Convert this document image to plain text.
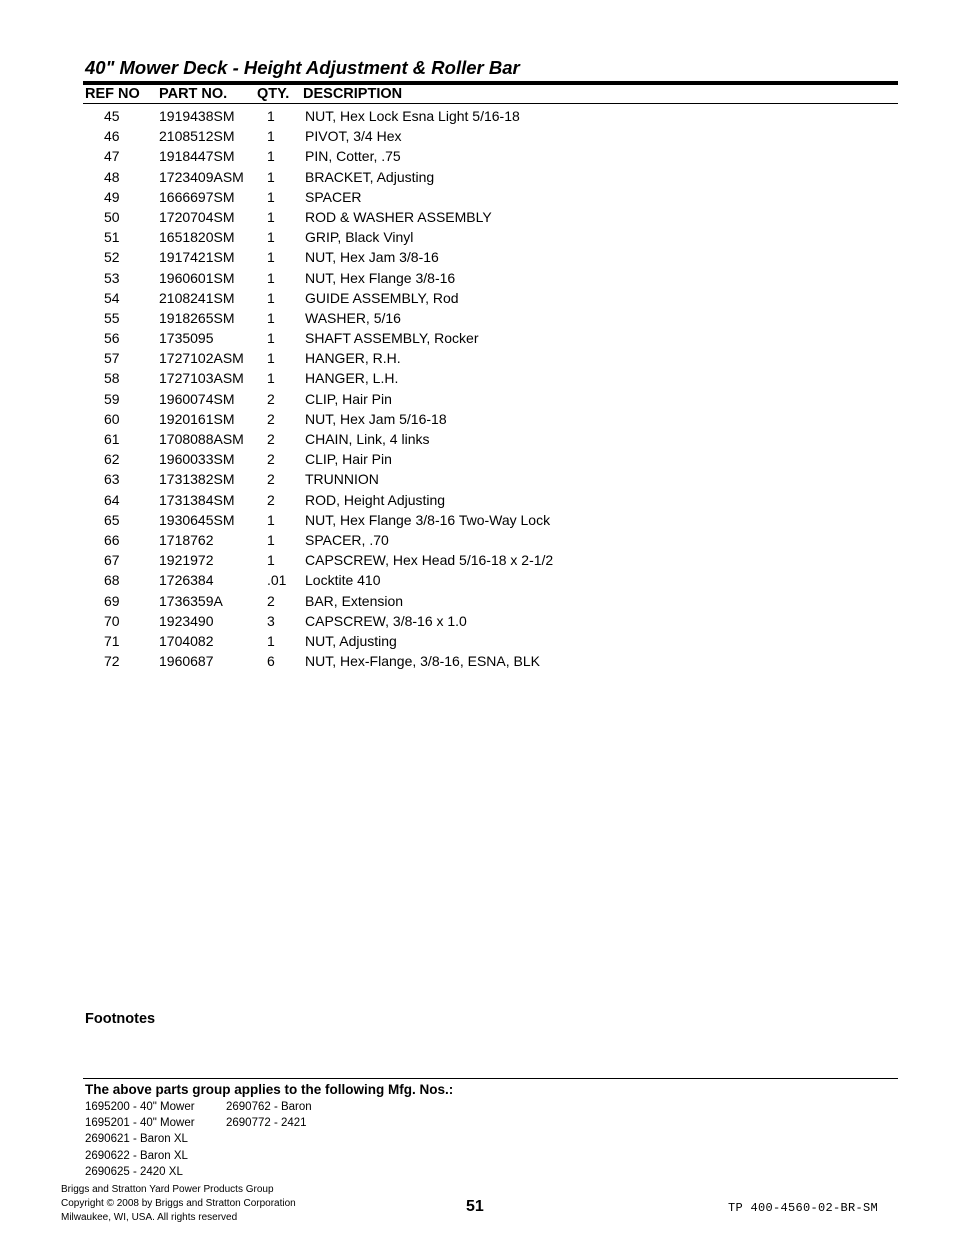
40" Mower Deck - Height Adjustment & Roller Bar
REF NO PART NO. QTY. DESCRIPTION
45	1919438SM 1 NUT, Hex Lock Esna Light 5/16-18
46	2108512SM 1 PIVOT, 3/4 Hex
47	1918447SM 1 PIN, Cotter, .75
48	1723409ASM 1 BRACKET, Adjusting
49	1666697SM 1 SPACER
50	1720704SM 1 ROD & WASHER ASSEMBLY
51	1651820SM 1 GRIP, Black Vinyl
52	1917421SM 1 NUT, Hex Jam 3/8-16
53	1960601SM 1 NUT, Hex Flange 3/8-16
54	2108241SM 1 GUIDE ASSEMBLY, Rod
55	1918265SM 1 WASHER, 5/16
56	1735095	1 SHAFT ASSEMBLY, Rocker
57	1727102ASM 1 HANGER, R.H.
58	1727103ASM 1 HANGER, L.H.
59	1960074SM 2 CLIP, Hair Pin
60	1920161SM 2 NUT, Hex Jam 5/16-18
61	1708088ASM 2 CHAIN, Link, 4 links
62	1960033SM 2 CLIP, Hair Pin
63	1731382SM 2 TRUNNION
64	1731384SM 2 ROD, Height Adjusting
65	1930645SM 1 NUT, Hex Flange 3/8-16 Two-Way Lock
66	1718762	1 SPACER, .70
67	1921972	1 CAPSCREW, Hex Head 5/16-18 x 2-1/2
68	1726384	.01 Locktite 410
69	1736359A	2 BAR, Extension
70	1923490	3 CAPSCREW, 3/8-16 x 1.0
71	1704082	1 NUT, Adjusting
72	1960687	6 NUT, Hex-Flange, 3/8-16, ESNA, BLK
Footnotes
The above parts group applies to the following Mfg. Nos.:
1695200 - 40" Mower
1695201 - 40" Mower
2690621 - Baron XL
2690622 - Baron XL
2690625 - 2420 XL
2690762 - Baron
2690772 - 2421
Briggs and Stratton Yard Power Products Group
Copyright © 2008 by Briggs and Stratton Corporation
Milwaukee, WI, USA. All rights reserved
51	TP 400-4560-02-BR-SM
